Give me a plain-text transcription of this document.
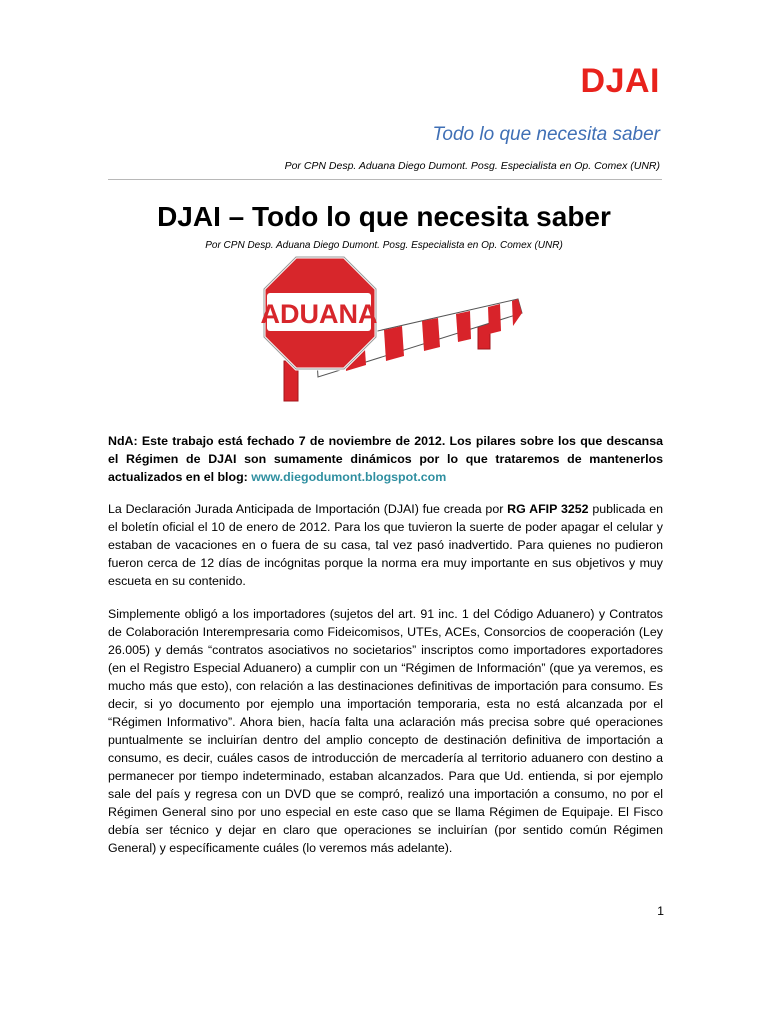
DJAI
Todo lo que necesita saber
Por CPN Desp. Aduana Diego Dumont. Posg. Especialista en Op. Comex (UNR)
DJAI – Todo lo que necesita saber
Por CPN Desp. Aduana Diego Dumont. Posg. Especialista en Op. Comex (UNR)
ADUANA
NdA: Este trabajo está fechado 7 de noviembre de 2012. Los pilares sobre los que descansa el Régimen de DJAI son sumamente dinámicos por lo que trataremos de mantenerlos actualizados en el blog: www.diegodumont.blogspot.com
La Declaración Jurada Anticipada de Importación (DJAI) fue creada por RG AFIP 3252 publicada en el boletín oficial el 10 de enero de 2012. Para los que tuvieron la suerte de poder apagar el celular y estaban de vacaciones en o fuera de su casa, tal vez pasó inadvertido. Para quienes no pudieron fueron cerca de 12 días de incógnitas porque la norma era muy importante en sus objetivos y muy escueta en su contenido.
Simplemente obligó a los importadores (sujetos del art. 91 inc. 1 del Código Aduanero) y Contratos de Colaboración Interempresaria como Fideicomisos, UTEs, ACEs, Consorcios de cooperación (Ley 26.005) y demás “contratos asociativos no societarios” inscriptos como importadores exportadores (en el Registro Especial Aduanero) a cumplir con un “Régimen de Información” (que ya veremos, es mucho más que esto), con relación a las destinaciones definitivas de importación para consumo. Es decir, si yo documento por ejemplo una importación temporaria, esta no está alcanzada por el “Régimen Informativo”. Ahora bien, hacía falta una aclaración más precisa sobre qué operaciones puntualmente se incluirían dentro del amplio concepto de destinación definitiva de importación a consumo, es decir, cuáles casos de introducción de mercadería al territorio aduanero con destino a permanecer por tiempo indeterminado, estaban alcanzados. Para que Ud. entienda, si por ejemplo sale del país y regresa con un DVD que se compró, realizó una importación a consumo, no por el Régimen General sino por uno especial en este caso que se llama Régimen de Equipaje. El Fisco debía ser técnico y dejar en claro que operaciones se incluirían (por sentido común Régimen General) y específicamente cuáles (lo veremos más adelante).
1
